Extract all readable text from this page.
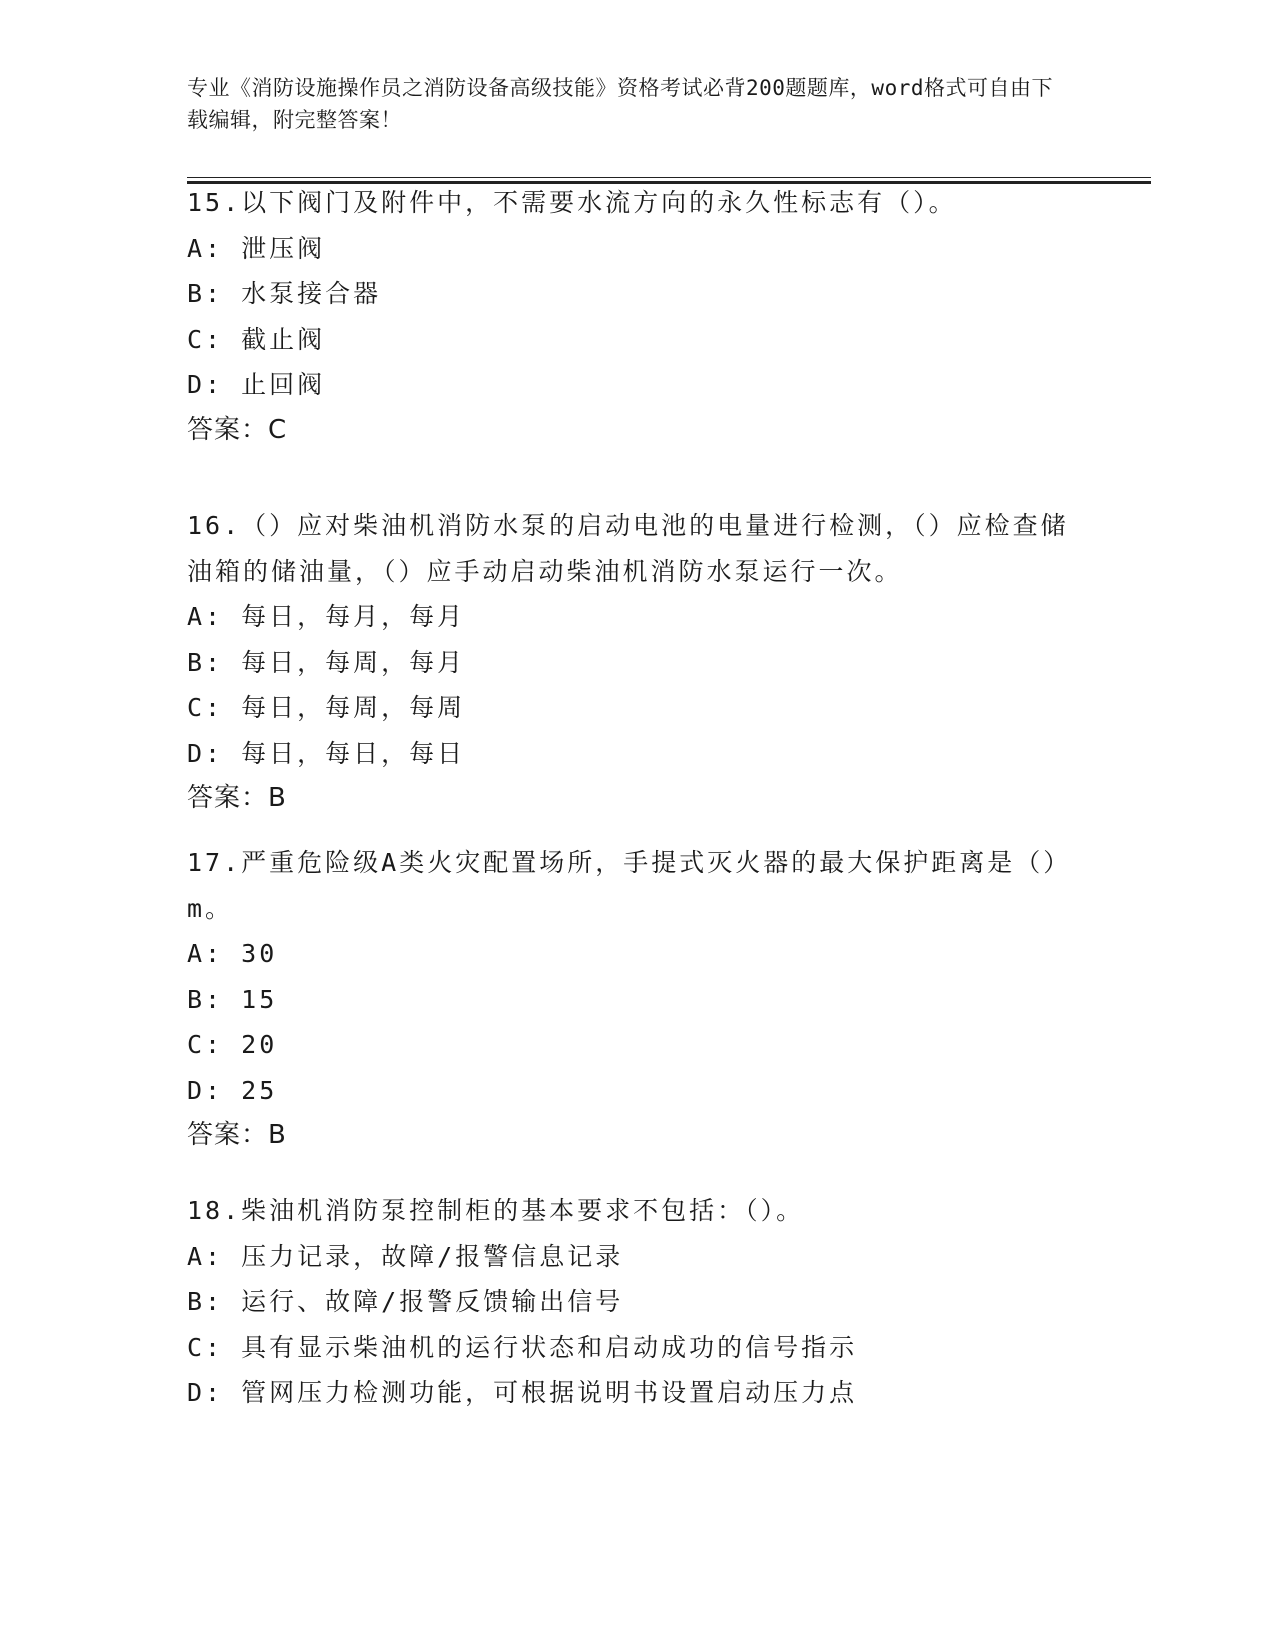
专业《消防设施操作员之消防设备高级技能》资格考试必背200题题库，word格式可自由下载编辑，附完整答案！

15.以下阀门及附件中，不需要水流方向的永久性标志有（）。

A: 泄压阀

B: 水泵接合器

C: 截止阀

D: 止回阀

答案：C

16.（）应对柴油机消防水泵的启动电池的电量进行检测，（）应检查储油箱的储油量，（）应手动启动柴油机消防水泵运行一次。

A: 每日，每月，每月

B: 每日，每周，每月

C: 每日，每周，每周

D: 每日，每日，每日

答案：B

17.严重危险级A类火灾配置场所，手提式灭火器的最大保护距离是（）m。

A: 30

B: 15

C: 20

D: 25

答案：B

18.柴油机消防泵控制柜的基本要求不包括：（）。

A: 压力记录，故障/报警信息记录

B: 运行、故障/报警反馈输出信号

C: 具有显示柴油机的运行状态和启动成功的信号指示

D: 管网压力检测功能，可根据说明书设置启动压力点
